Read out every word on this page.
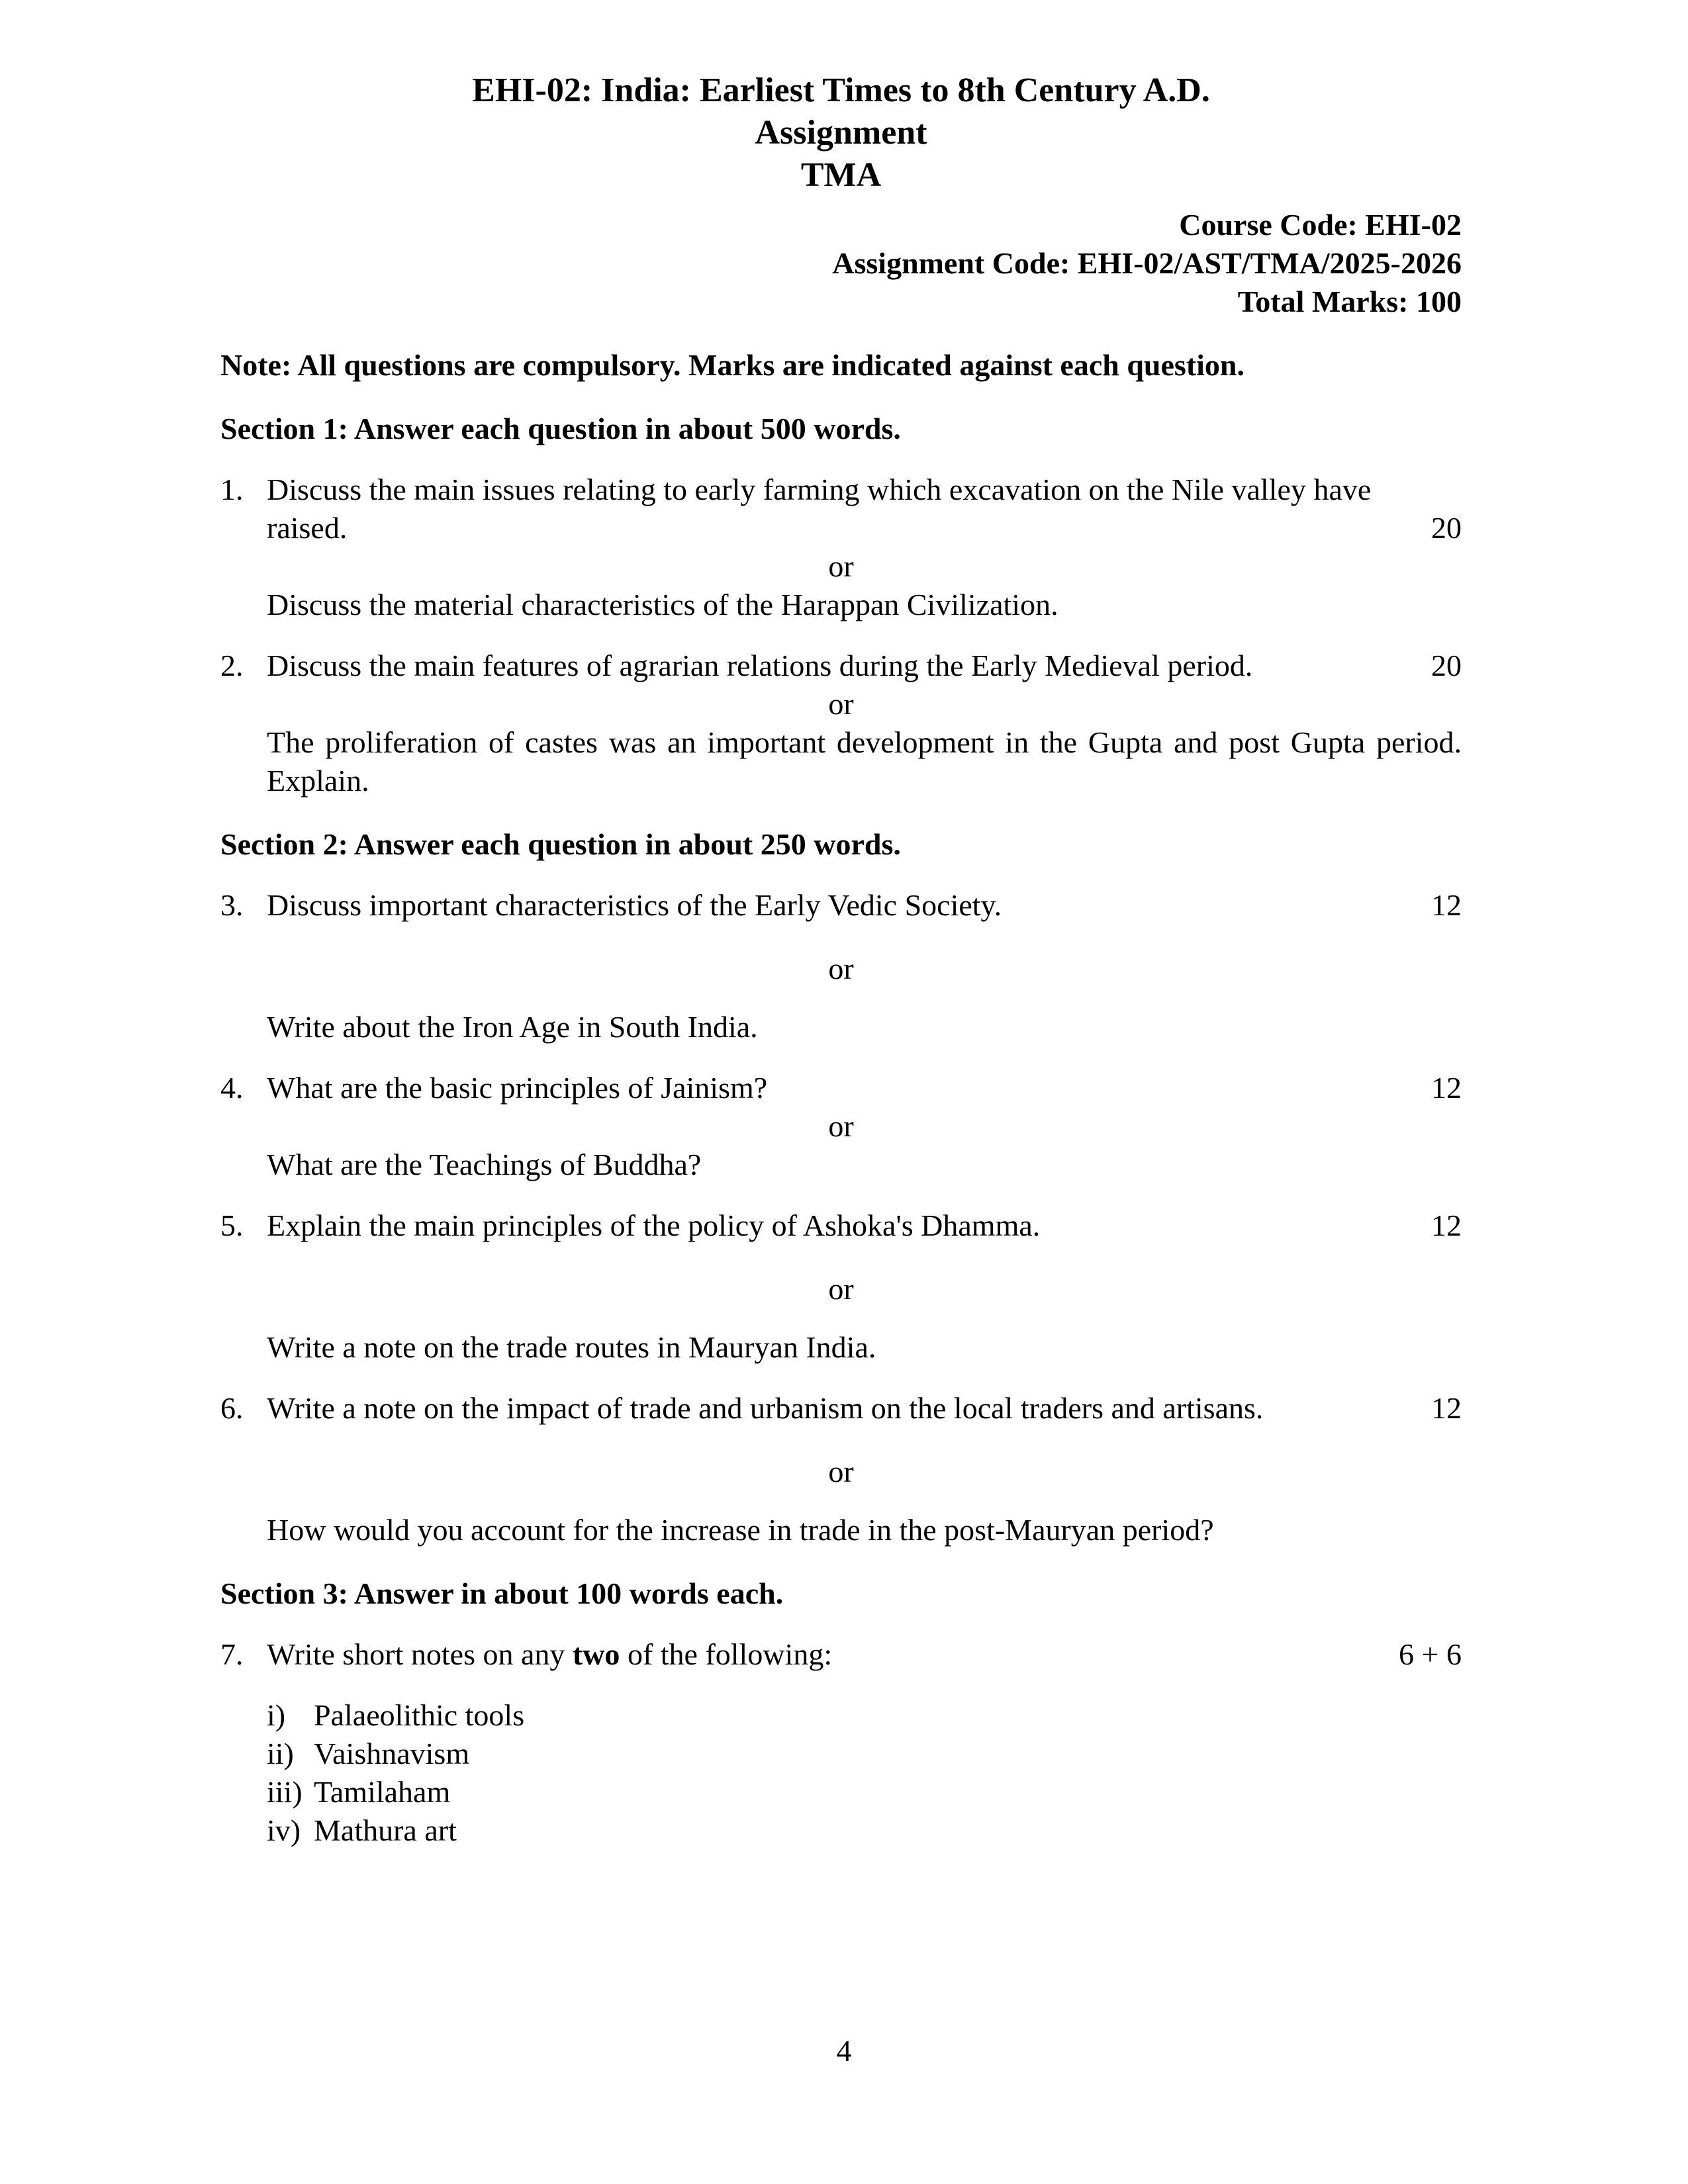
EHI-02: India: Earliest Times to 8th Century A.D.
Assignment
TMA
Course Code: EHI-02
Assignment Code: EHI-02/AST/TMA/2025-2026
Total Marks: 100
Note: All questions are compulsory. Marks are indicated against each question.
Section 1: Answer each question in about 500 words.
1. Discuss the main issues relating to early farming which excavation on the Nile valley have raised.	20
or
Discuss the material characteristics of the Harappan Civilization.
2. Discuss the main features of agrarian relations during the Early Medieval period.	20
or
The proliferation of castes was an important development in the Gupta and post Gupta period. Explain.
Section 2: Answer each question in about 250 words.
3. Discuss important characteristics of the Early Vedic Society.	12
or
Write about the Iron Age in South India.
4. What are the basic principles of Jainism?	12
or
What are the Teachings of Buddha?
5. Explain the main principles of the policy of Ashoka's Dhamma.	12
or
Write a note on the trade routes in Mauryan India.
6. Write a note on the impact of trade and urbanism on the local traders and artisans.	12
or
How would you account for the increase in trade in the post-Mauryan period?
Section 3: Answer in about 100 words each.
7. Write short notes on any two of the following:	6 + 6
i) Palaeolithic tools
ii) Vaishnavism
iii) Tamilaham
iv) Mathura art
4
